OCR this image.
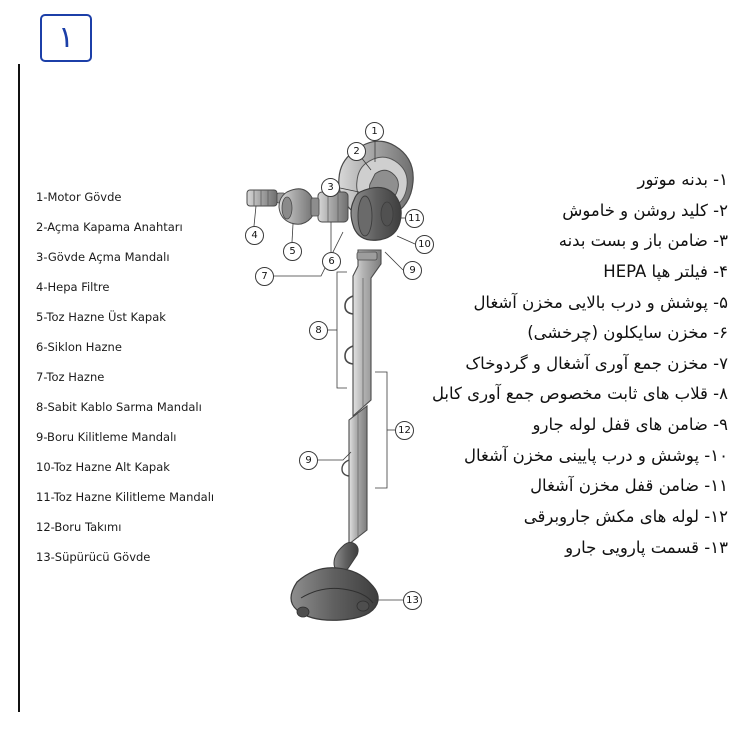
۱
1-Motor Gövde
2-Açma Kapama Anahtarı
3-Gövde Açma Mandalı
4-Hepa Filtre
5-Toz Hazne Üst Kapak
6-Siklon Hazne
7-Toz Hazne
8-Sabit Kablo Sarma Mandalı
9-Boru Kilitleme Mandalı
10-Toz Hazne Alt Kapak
11-Toz Hazne Kilitleme Mandalı
12-Boru Takımı
13-Süpürücü Gövde
۱- بدنه موتور
۲- کلید روشن و خاموش
۳- ضامن باز و بست بدنه
۴- فیلتر هپا HEPA
۵- پوشش و درب بالایی مخزن آشغال
۶- مخزن سایکلون (چرخشی)
۷- مخزن جمع آوری آشغال و گردوخاک
۸- قلاب های ثابت مخصوص جمع آوری کابل
۹- ضامن های قفل لوله جارو
۱۰- پوشش و درب پایینی مخزن آشغال
۱۱- ضامن قفل مخزن آشغال
۱۲- لوله های مکش جاروبرقی
۱۳- قسمت پارویی جارو
1
2
3
4
5
6
7
8
9
10
11
12
9
13
